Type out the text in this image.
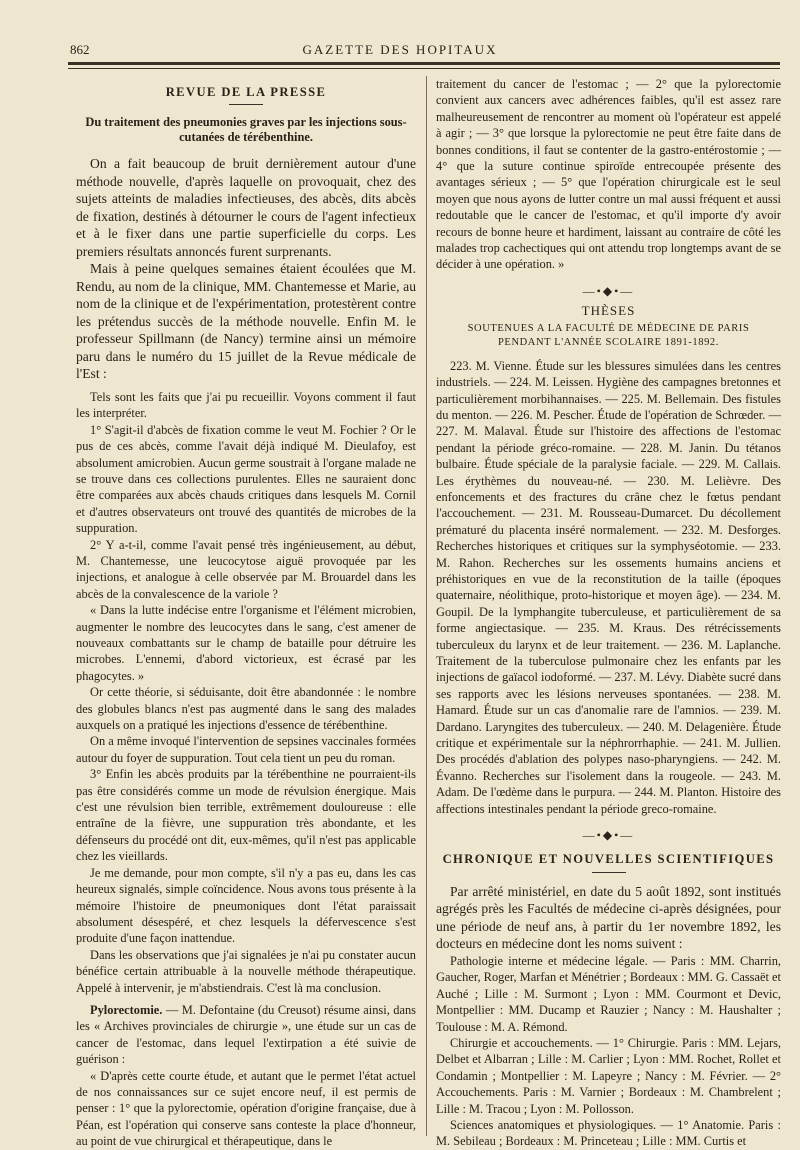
862	GAZETTE DES HOPITAUX
REVUE DE LA PRESSE
Du traitement des pneumonies graves par les injections sous-cutanées de térébenthine.

On a fait beaucoup de bruit dernièrement autour d'une méthode nouvelle, d'après laquelle on provoquait, chez des sujets atteints de maladies infectieuses, des abcès, dits abcès de fixation, destinés à détourner le cours de l'agent infectieux et à le fixer dans une partie superficielle du corps. Les premiers résultats annoncés furent surprenants.

Mais à peine quelques semaines étaient écoulées que M. Rendu, au nom de la clinique, MM. Chantemesse et Marie, au nom de la clinique et de l'expérimentation, protestèrent contre les prétendus succès de la méthode nouvelle. Enfin M. le professeur Spillmann (de Nancy) termine ainsi un mémoire paru dans le numéro du 15 juillet de la Revue médicale de l'Est :

Tels sont les faits que j'ai pu recueillir. Voyons comment il faut les interpréter.

1° S'agit-il d'abcès de fixation comme le veut M. Fochier ? Or le pus de ces abcès, comme l'avait déjà indiqué M. Dieulafoy, est absolument amicrobien. Aucun germe soustrait à l'organe malade ne se trouve dans ces collections purulentes. Elles ne sauraient donc être comparées aux abcès chauds critiques dans lesquels M. Cornil et d'autres observateurs ont trouvé des quantités de microbes de la suppuration.

2° Y a-t-il, comme l'avait pensé très ingénieusement, au début, M. Chantemesse, une leucocytose aiguë provoquée par les injections, et analogue à celle observée par M. Brouardel dans les abcès de la convalescence de la variole ?

« Dans la lutte indécise entre l'organisme et l'élément microbien, augmenter le nombre des leucocytes dans le sang, c'est amener de nouveaux combattants sur le champ de bataille pour détruire les microbes. L'ennemi, d'abord victorieux, est écrasé par les phagocytes. »

Or cette théorie, si séduisante, doit être abandonnée : le nombre des globules blancs n'est pas augmenté dans le sang des malades auxquels on a pratiqué les injections d'essence de térébenthine.

On a même invoqué l'intervention de sepsines vaccinales formées autour du foyer de suppuration. Tout cela tient un peu du roman.

3° Enfin les abcès produits par la térébenthine ne pourraient-ils pas être considérés comme un mode de révulsion énergique. Mais c'est une révulsion bien terrible, extrêmement douloureuse : elle entraîne de la fièvre, une suppuration très abondante, et les défenseurs du procédé ont dit, eux-mêmes, qu'il n'est pas applicable chez les vieillards.

Je me demande, pour mon compte, s'il n'y a pas eu, dans les cas heureux signalés, simple coïncidence. Nous avons tous présente à la mémoire l'histoire de pneumoniques dont l'état paraissait absolument désespéré, et chez lesquels la défervescence s'est produite d'une façon inattendue.

Dans les observations que j'ai signalées je n'ai pu constater aucun bénéfice certain attribuable à la nouvelle méthode thérapeutique. Appelé à intervenir, je m'abstiendrais. C'est là ma conclusion.

Pylorectomie. — M. Defontaine (du Creusot) résume ainsi, dans les « Archives provinciales de chirurgie », une étude sur un cas de cancer de l'estomac, dans lequel l'extirpation a été suivie de guérison :

« D'après cette courte étude, et autant que le permet l'état actuel de nos connaissances sur ce sujet encore neuf, il est permis de penser : 1° que la pylorectomie, opération d'origine française, due à Péan, est l'opération qui conserve sans conteste la place d'honneur, au point de vue chirurgical et thérapeutique, dans le

traitement du cancer de l'estomac ; — 2° que la pylorectomie convient aux cancers avec adhérences faibles, qu'il est assez rare malheureusement de rencontrer au moment où l'opérateur est appelé à agir ; — 3° que lorsque la pylorectomie ne peut être faite dans de bonnes conditions, il faut se contenter de la gastro-entérostomie ; — 4° que la suture continue spiroïde entrecoupée présente des avantages sérieux ; — 5° que l'opération chirurgicale est le seul moyen que nous ayons de lutter contre un mal aussi fréquent et aussi redoutable que le cancer de l'estomac, et qu'il importe d'y avoir recours de bonne heure et hardiment, laissant au contraire de côté les malades trop cachectiques qui ont attendu trop longtemps avant de se décider à une opération. »

—•◆•—
THÈSES
SOUTENUES A LA FACULTÉ DE MÉDECINE DE PARIS
PENDANT L'ANNÉE SCOLAIRE 1891-1892.

223. M. Vienne. Étude sur les blessures simulées dans les centres industriels. — 224. M. Leissen. Hygiène des campagnes bretonnes et particulièrement morbihannaises. — 225. M. Bellemain. Des fistules du menton. — 226. M. Pescher. Étude de l'opération de Schrœder. — 227. M. Malaval. Étude sur l'histoire des affections de l'estomac pendant la période gréco-romaine. — 228. M. Janin. Du tétanos bulbaire. Étude spéciale de la paralysie faciale. — 229. M. Callais. Les érythèmes du nouveau-né. — 230. M. Lelièvre. Des enfoncements et des fractures du crâne chez le fœtus pendant l'accouchement. — 231. M. Rousseau-Dumarcet. Du décollement prématuré du placenta inséré normalement. — 232. M. Desforges. Recherches historiques et critiques sur la symphyséotomie. — 233. M. Rahon. Recherches sur les ossements humains anciens et préhistoriques en vue de la reconstitution de la taille (époques quaternaire, néolithique, proto-historique et moyen âge). — 234. M. Goupil. De la lymphangite tuberculeuse, et particulièrement de sa forme angiectasique. — 235. M. Kraus. Des rétrécissements tuberculeux du larynx et de leur traitement. — 236. M. Laplanche. Traitement de la tuberculose pulmonaire chez les enfants par les injections de gaïacol iodoformé. — 237. M. Lévy. Diabète sucré dans ses rapports avec les lésions nerveuses spontanées. — 238. M. Hamard. Étude sur un cas d'anomalie rare de l'amnios. — 239. M. Dardano. Laryngites des tuberculeux. — 240. M. Delagenière. Étude critique et expérimentale sur la néphrorrhaphie. — 241. M. Jullien. Des procédés d'ablation des polypes naso-pharyngiens. — 242. M. Évanno. Recherches sur l'isolement dans la rougeole. — 243. M. Adam. De l'œdème dans le purpura. — 244. M. Planton. Histoire des affections intestinales pendant la période greco-romaine.

—•◆•—
CHRONIQUE ET NOUVELLES SCIENTIFIQUES

Par arrêté ministériel, en date du 5 août 1892, sont institués agrégés près les Facultés de médecine ci-après désignées, pour une période de neuf ans, à partir du 1er novembre 1892, les docteurs en médecine dont les noms suivent :

Pathologie interne et médecine légale. — Paris : MM. Charrin, Gaucher, Roger, Marfan et Ménétrier ; Bordeaux : MM. G. Cassaët et Auché ; Lille : M. Surmont ; Lyon : MM. Courmont et Devic, Montpellier : MM. Ducamp et Rauzier ; Nancy : M. Haushalter ; Toulouse : M. A. Rémond.

Chirurgie et accouchements. — 1° Chirurgie. Paris : MM. Lejars, Delbet et Albarran ; Lille : M. Carlier ; Lyon : MM. Rochet, Rollet et Condamin ; Montpellier : M. Lapeyre ; Nancy : M. Février. — 2° Accouchements. Paris : M. Varnier ; Bordeaux : M. Chambrelent ; Lille : M. Tracou ; Lyon : M. Pollosson.

Sciences anatomiques et physiologiques. — 1° Anatomie. Paris : M. Sebileau ; Bordeaux : M. Princeteau ; Lille : MM. Curtis et
